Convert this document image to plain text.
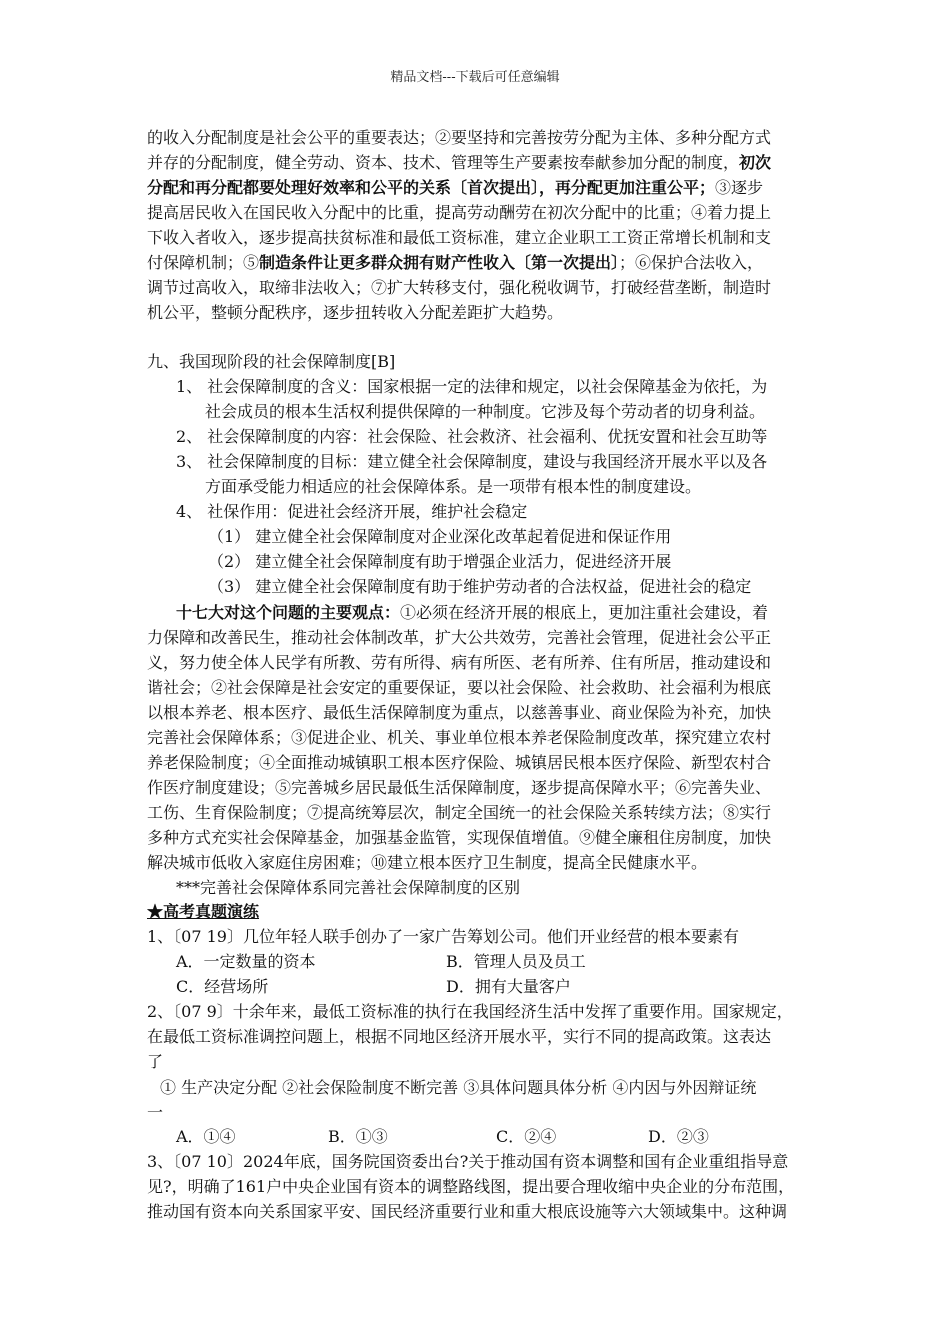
精品文档---下载后可任意编辑
的收入分配制度是社会公平的重要表达；②要坚持和完善按劳分配为主体、多种分配方式
并存的分配制度，健全劳动、资本、技术、管理等生产要素按奉献参加分配的制度，初次
分配和再分配都要处理好效率和公平的关系〔首次提出〕，再分配更加注重公平；③逐步
提高居民收入在国民收入分配中的比重，提高劳动酬劳在初次分配中的比重；④着力提上
下收入者收入，逐步提高扶贫标准和最低工资标准，建立企业职工工资正常增长机制和支
付保障机制；⑤制造条件让更多群众拥有财产性收入〔第一次提出〕；⑥保护合法收入，
调节过高收入，取缔非法收入；⑦扩大转移支付，强化税收调节，打破经营垄断，制造时
机公平，整顿分配秩序，逐步扭转收入分配差距扩大趋势。
九、我国现阶段的社会保障制度[B]
1、 社会保障制度的含义：国家根据一定的法律和规定，以社会保障基金为依托，为
社会成员的根本生活权利提供保障的一种制度。它涉及每个劳动者的切身利益。
2、 社会保障制度的内容：社会保险、社会救济、社会福利、优抚安置和社会互助等
3、 社会保障制度的目标：建立健全社会保障制度，建设与我国经济开展水平以及各
方面承受能力相适应的社会保障体系。是一项带有根本性的制度建设。
4、 社保作用：促进社会经济开展，维护社会稳定
（1） 建立健全社会保障制度对企业深化改革起着促进和保证作用
（2） 建立健全社会保障制度有助于增强企业活力，促进经济开展
（3） 建立健全社会保障制度有助于维护劳动者的合法权益，促进社会的稳定
十七大对这个问题的主要观点：①必须在经济开展的根底上，更加注重社会建设，着
力保障和改善民生，推动社会体制改革，扩大公共效劳，完善社会管理，促进社会公平正
义，努力使全体人民学有所教、劳有所得、病有所医、老有所养、住有所居，推动建设和
谐社会；②社会保障是社会安定的重要保证，要以社会保险、社会救助、社会福利为根底
以根本养老、根本医疗、最低生活保障制度为重点，以慈善事业、商业保险为补充，加快
完善社会保障体系；③促进企业、机关、事业单位根本养老保险制度改革，探究建立农村
养老保险制度；④全面推动城镇职工根本医疗保险、城镇居民根本医疗保险、新型农村合
作医疗制度建设；⑤完善城乡居民最低生活保障制度，逐步提高保障水平；⑥完善失业、
工伤、生育保险制度；⑦提高统筹层次，制定全国统一的社会保险关系转续方法；⑧实行
多种方式充实社会保障基金，加强基金监管，实现保值增值。⑨健全廉租住房制度，加快
解决城市低收入家庭住房困难；⑩建立根本医疗卫生制度，提高全民健康水平。
***完善社会保障体系同完善社会保障制度的区别
★高考真题演练
1、〔07 19〕几位年轻人联手创办了一家广告筹划公司。他们开业经营的根本要素有
A．一定数量的资本	B．管理人员及员工
C．经营场所	D．拥有大量客户
2、〔07 9〕十余年来，最低工资标准的执行在我国经济生活中发挥了重要作用。国家规定，
在最低工资标准调控问题上，根据不同地区经济开展水平，实行不同的提高政策。这表达
了
① 生产决定分配 ②社会保险制度不断完善 ③具体问题具体分析 ④内因与外因辩证统
一
A．①④	B．①③	C．②④	D．②③
3、〔07 10〕2024年底，国务院国资委出台?关于推动国有资本调整和国有企业重组指导意
见?，明确了161户中央企业国有资本的调整路线图，提出要合理收缩中央企业的分布范围，
推动国有资本向关系国家平安、国民经济重要行业和重大根底设施等六大领域集中。这种调
